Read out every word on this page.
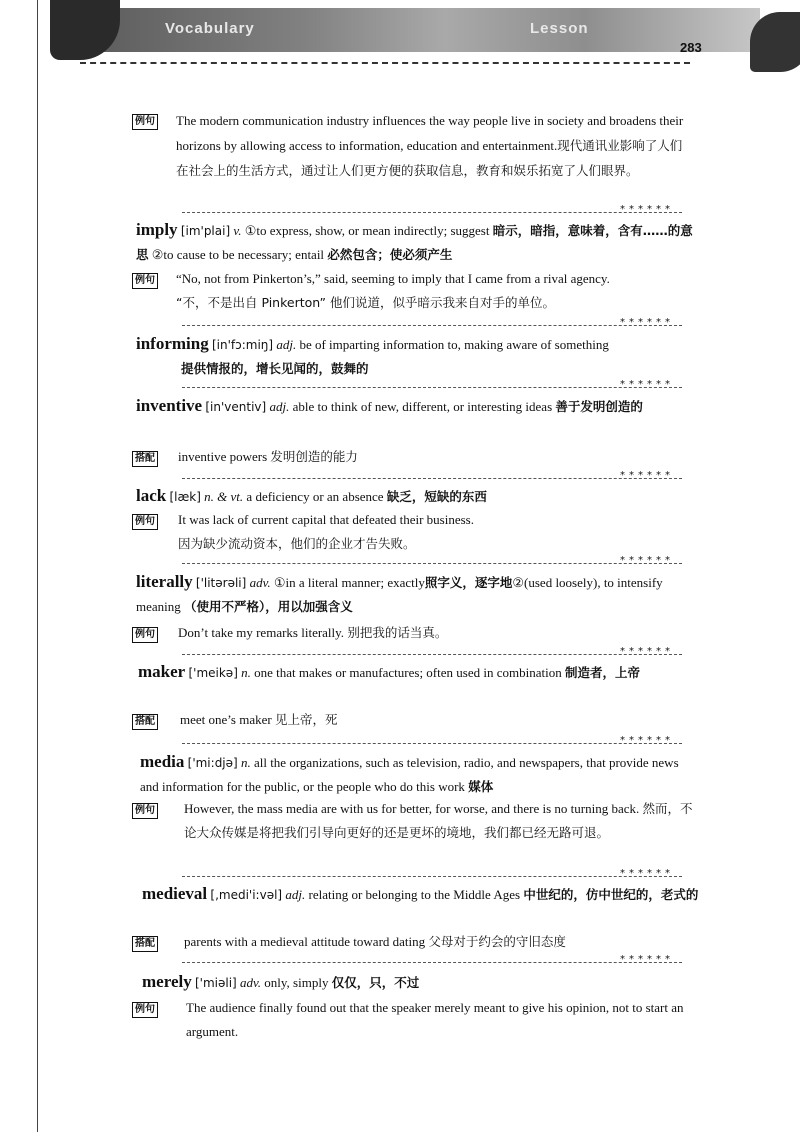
Vocabulary	Lesson
283
例句 The modern communication industry influences the way people live in society and broadens their horizons by allowing access to information, education and entertainment.现代通讯业影响了人们在社会上的生活方式，通过让人们更方便的获取信息，教育和娱乐拓宽了人们眼界。
******
imply [im'plai] v. ①to express, show, or mean indirectly; suggest 暗示，暗指，意味着，含有……的意思 ②to cause to be necessary; entail 必然包含；使必须产生
例句 “No, not from Pinkerton’s,” said, seeming to imply that I came from a rival agency.
“不，不是出自 Pinkerton” 他们说道，似乎暗示我来自对手的单位。
******
informing [in'fɔ:miŋ] adj. be of imparting information to, making aware of something
提供情报的，增长见闻的，鼓舞的
******
inventive [in'ventiv] adj. able to think of new, different, or interesting ideas 善于发明创造的
搭配 inventive powers 发明创造的能力
******
lack [læk] n. & vt. a deficiency or an absence 缺乏，短缺的东西
例句 It was lack of current capital that defeated their business.
因为缺少流动资本，他们的企业才告失败。
******
literally ['litərəli] adv. ①in a literal manner; exactly照字义，逐字地②(used loosely), to intensify meaning （使用不严格），用以加强含义
例句 Don’t take my remarks literally. 别把我的话当真。
******
maker ['meikə] n. one that makes or manufactures; often used in combination 制造者，上帝
搭配 meet one’s maker 见上帝，死
******
media ['mi:djə] n. all the organizations, such as television, radio, and newspapers, that provide news and information for the public, or the people who do this work 媒体
例句 However, the mass media are with us for better, for worse, and there is no turning back. 然而，不论大众传媒是将把我们引导向更好的还是更坏的境地，我们都已经无路可退。
******
medieval [,medi'i:vəl] adj. relating or belonging to the Middle Ages 中世纪的，仿中世纪的，老式的
搭配 parents with a medieval attitude toward dating 父母对于约会的守旧态度
******
merely ['miəli] adv. only, simply 仅仅，只，不过
例句 The audience finally found out that the speaker merely meant to give his opinion, not to start an argument.
